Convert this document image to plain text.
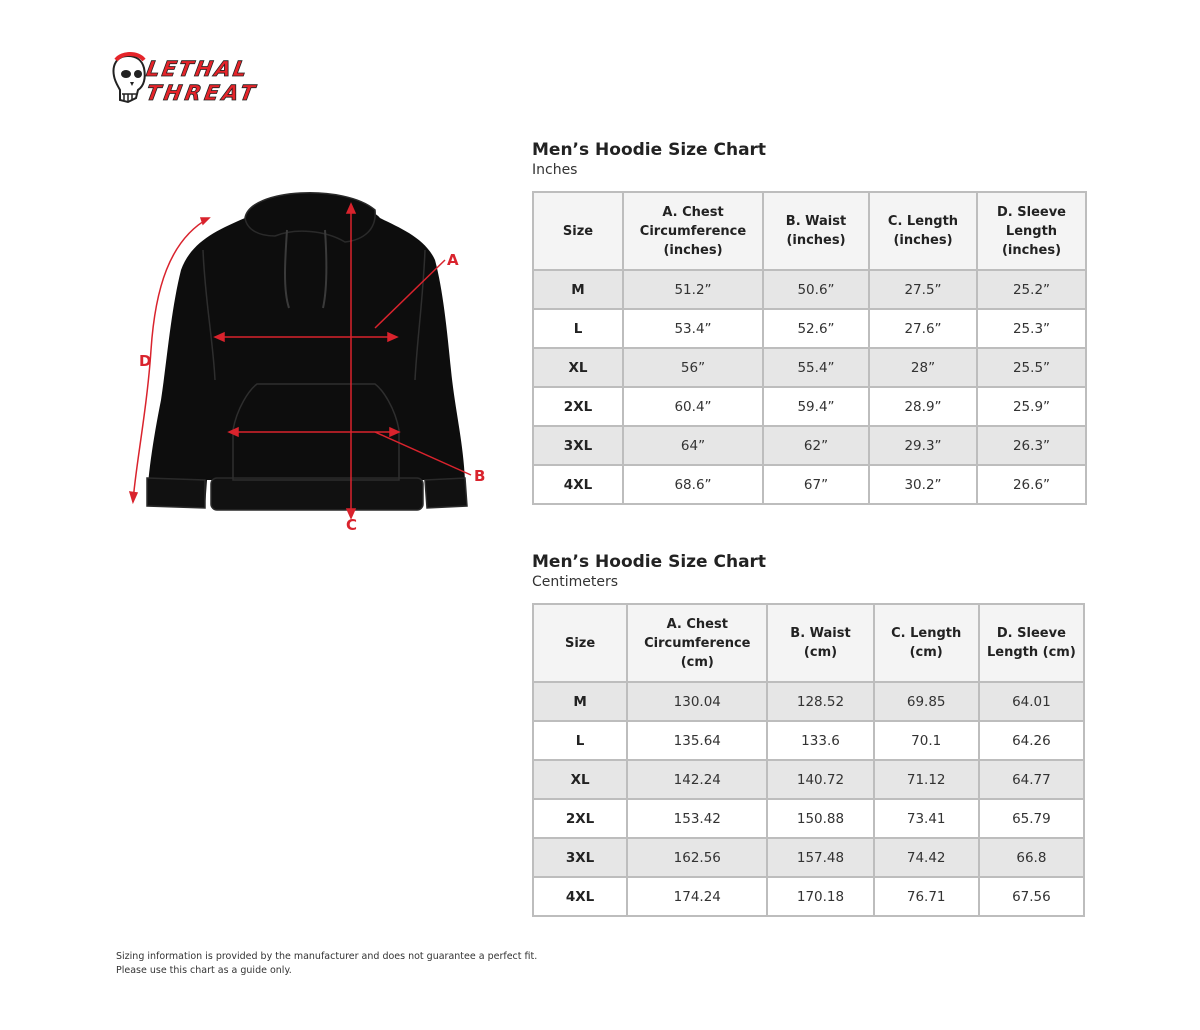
LETHAL
THREAT
A
B
C
D
Men’s Hoodie Size Chart
Inches
Size	A. Chest Circumference (inches)	B. Waist (inches)	C. Length (inches)	D. Sleeve Length (inches)
M	51.2”	50.6”	27.5”	25.2”
L	53.4”	52.6”	27.6”	25.3”
XL	56”	55.4”	28”	25.5”
2XL	60.4”	59.4”	28.9”	25.9”
3XL	64”	62”	29.3”	26.3”
4XL	68.6”	67”	30.2”	26.6”
Men’s Hoodie Size Chart
Centimeters
Size	A. Chest Circumference (cm)	B. Waist (cm)	C. Length (cm)	D. Sleeve Length (cm)
M	130.04	128.52	69.85	64.01
L	135.64	133.6	70.1	64.26
XL	142.24	140.72	71.12	64.77
2XL	153.42	150.88	73.41	65.79
3XL	162.56	157.48	74.42	66.8
4XL	174.24	170.18	76.71	67.56
Sizing information is provided by the manufacturer and does not guarantee a perfect fit.
Please use this chart as a guide only.
